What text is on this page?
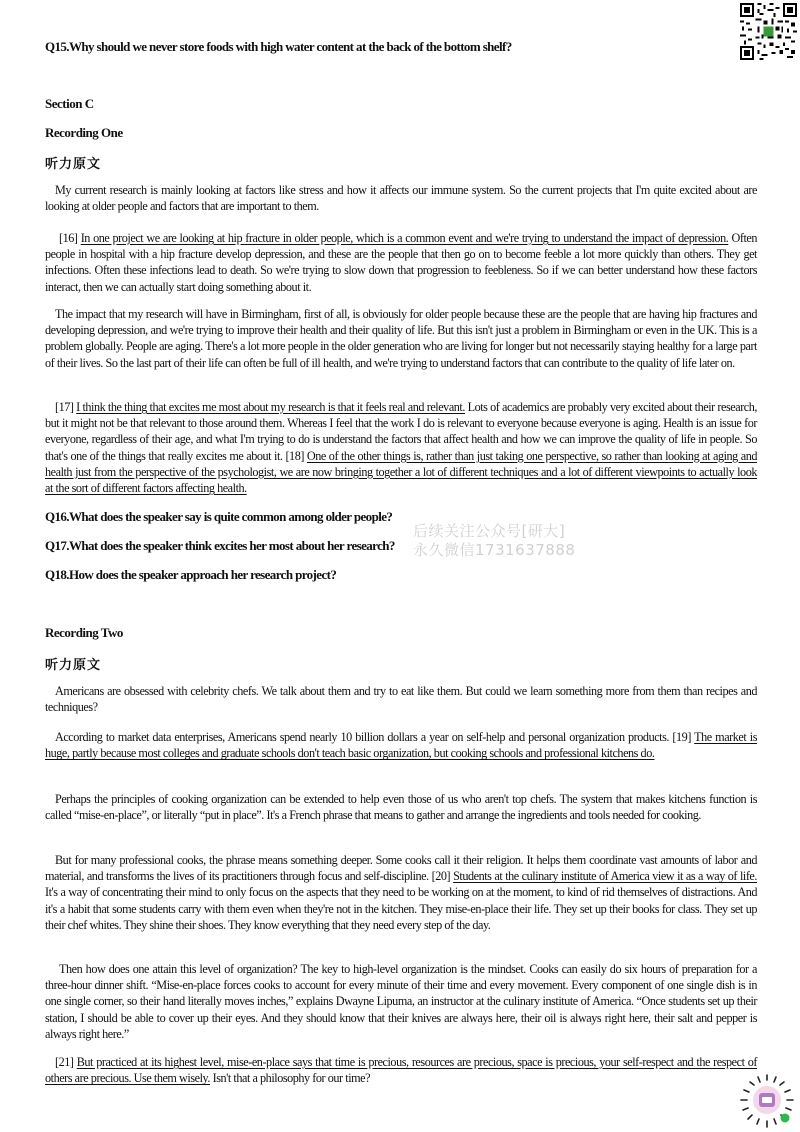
Q15.Why should we never store foods with high water content at the back of the bottom shelf?
Section C
Recording One
听力原文
My current research is mainly looking at factors like stress and how it affects our immune system. So the current projects that I'm quite excited about are looking at older people and factors that are important to them.
[16] In one project we are looking at hip fracture in older people, which is a common event and we're trying to understand the impact of depression. Often people in hospital with a hip fracture develop depression, and these are the people that then go on to become feeble a lot more quickly than others. They get infections. Often these infections lead to death. So we're trying to slow down that progression to feebleness. So if we can better understand how these factors interact, then we can actually start doing something about it.
The impact that my research will have in Birmingham, first of all, is obviously for older people because these are the people that are having hip fractures and developing depression, and we're trying to improve their health and their quality of life. But this isn't just a problem in Birmingham or even in the UK. This is a problem globally. People are aging. There's a lot more people in the older generation who are living for longer but not necessarily staying healthy for a large part of their lives. So the last part of their life can often be full of ill health, and we're trying to understand factors that can contribute to the quality of life later on.
[17] I think the thing that excites me most about my research is that it feels real and relevant. Lots of academics are probably very excited about their research, but it might not be that relevant to those around them. Whereas I feel that the work I do is relevant to everyone because everyone is aging. Health is an issue for everyone, regardless of their age, and what I'm trying to do is understand the factors that affect health and how we can improve the quality of life in people. So that's one of the things that really excites me about it. [18] One of the other things is, rather than just taking one perspective, so rather than looking at aging and health just from the perspective of the psychologist, we are now bringing together a lot of different techniques and a lot of different viewpoints to actually look at the sort of different factors affecting health.
Q16.What does the speaker say is quite common among older people?
Q17.What does the speaker think excites her most about her research?
Q18.How does the speaker approach her research project?
Recording Two
听力原文
Americans are obsessed with celebrity chefs. We talk about them and try to eat like them. But could we learn something more from them than recipes and techniques?
According to market data enterprises, Americans spend nearly 10 billion dollars a year on self-help and personal organization products. [19] The market is huge, partly because most colleges and graduate schools don't teach basic organization, but cooking schools and professional kitchens do.
Perhaps the principles of cooking organization can be extended to help even those of us who aren't top chefs. The system that makes kitchens function is called “mise-en-place”, or literally “put in place”. It's a French phrase that means to gather and arrange the ingredients and tools needed for cooking.
But for many professional cooks, the phrase means something deeper. Some cooks call it their religion. It helps them coordinate vast amounts of labor and material, and transforms the lives of its practitioners through focus and self-discipline. [20] Students at the culinary institute of America view it as a way of life. It's a way of concentrating their mind to only focus on the aspects that they need to be working on at the moment, to kind of rid themselves of distractions. And it's a habit that some students carry with them even when they're not in the kitchen. They mise-en-place their life. They set up their books for class. They set up their chef whites. They shine their shoes. They know everything that they need every step of the day.
Then how does one attain this level of organization? The key to high-level organization is the mindset. Cooks can easily do six hours of preparation for a three-hour dinner shift. “Mise-en-place forces cooks to account for every minute of their time and every movement. Every component of one single dish is in one single corner, so their hand literally moves inches,” explains Dwayne Lipuma, an instructor at the culinary institute of America. “Once students set up their station, I should be able to cover up their eyes. And they should know that their knives are always here, their oil is always right here, their salt and pepper is always right here.”
[21] But practiced at its highest level, mise-en-place says that time is precious, resources are precious, space is precious, your self-respect and the respect of others are precious. Use them wisely. Isn't that a philosophy for our time?
后续关注公众号[研大]
永久微信1731637888
